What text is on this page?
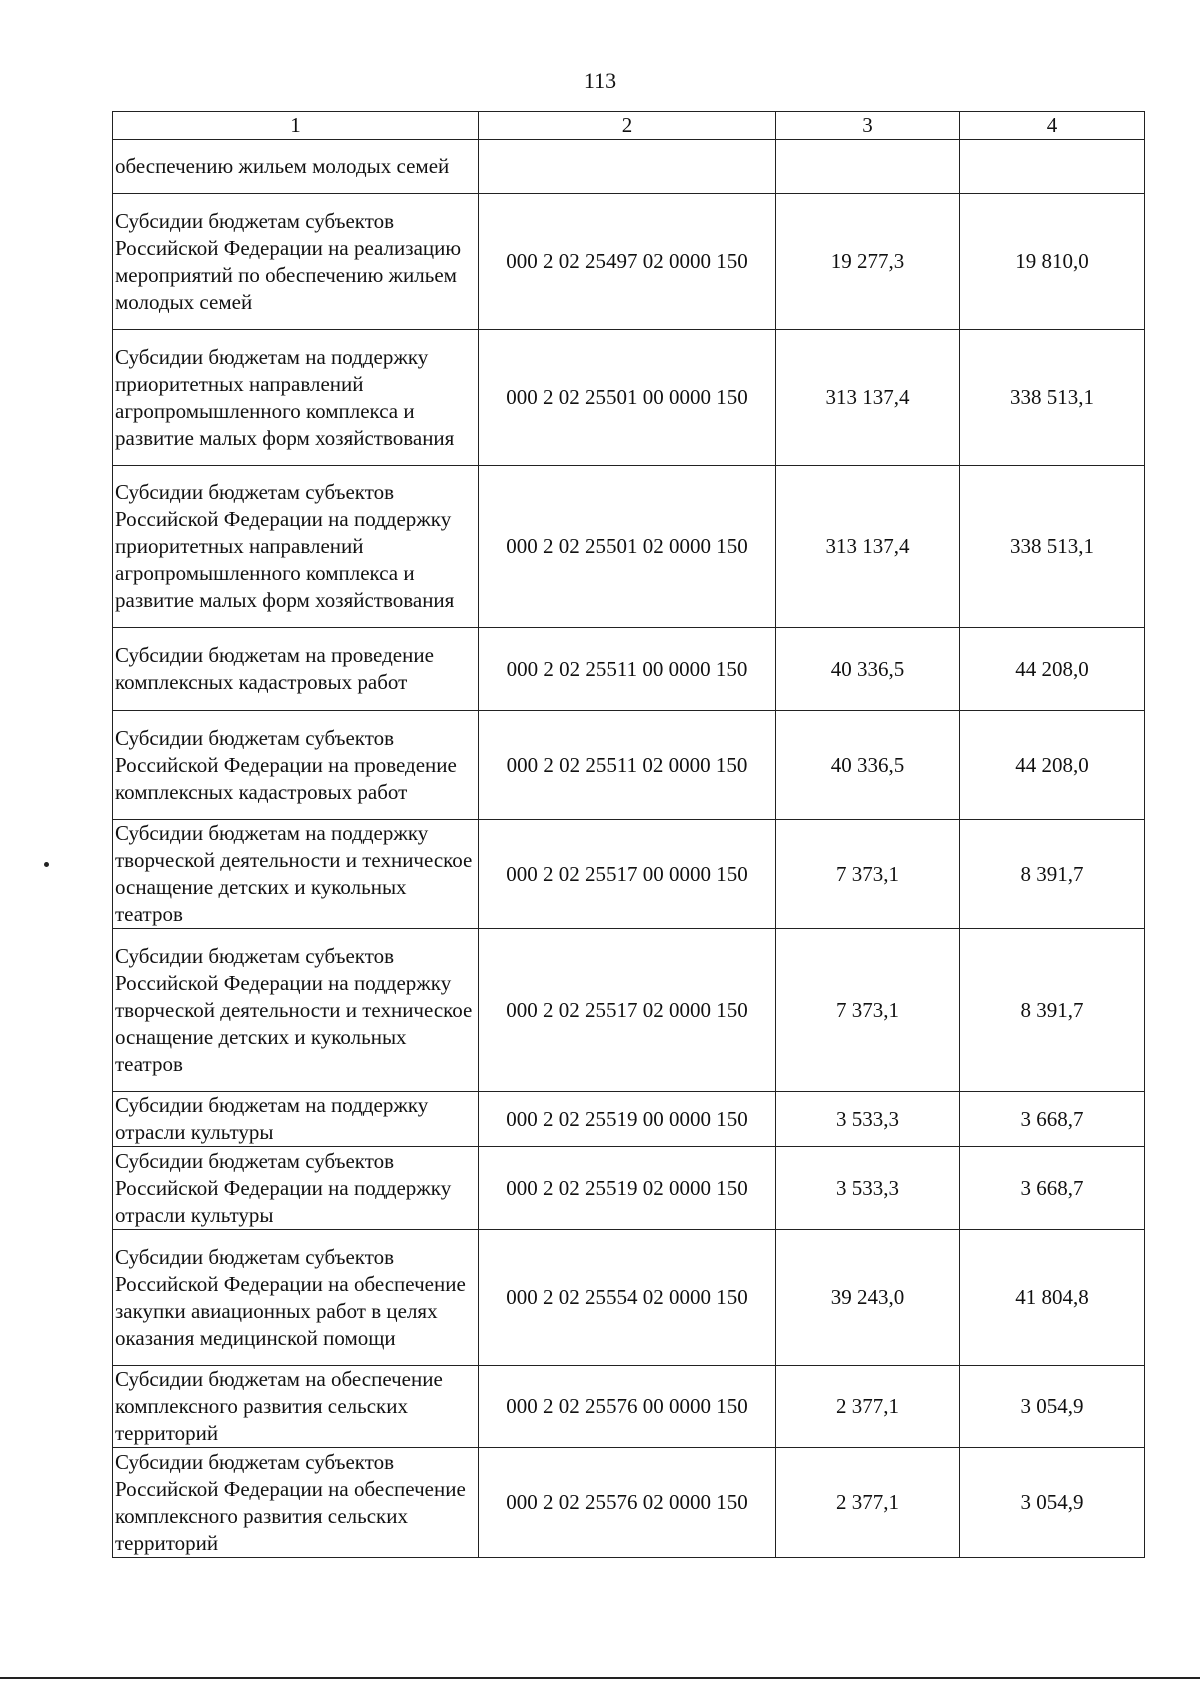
113
1	2	3	4
обеспечению жильем молодых семей			
Субсидии бюджетам субъектов Российской Федерации на реализацию мероприятий по обеспечению жильем молодых семей	000 2 02 25497 02 0000 150	19 277,3	19 810,0
Субсидии бюджетам на поддержку приоритетных направлений агропромышленного комплекса и развитие малых форм хозяйствования	000 2 02 25501 00 0000 150	313 137,4	338 513,1
Субсидии бюджетам субъектов Российской Федерации на поддержку приоритетных направлений агропромышленного комплекса и развитие малых форм хозяйствования	000 2 02 25501 02 0000 150	313 137,4	338 513,1
Субсидии бюджетам на проведение комплексных кадастровых работ	000 2 02 25511 00 0000 150	40 336,5	44 208,0
Субсидии бюджетам субъектов Российской Федерации на проведение комплексных кадастровых работ	000 2 02 25511 02 0000 150	40 336,5	44 208,0
Субсидии бюджетам на поддержку творческой деятельности и техническое оснащение детских и кукольных театров	000 2 02 25517 00 0000 150	7 373,1	8 391,7
Субсидии бюджетам субъектов Российской Федерации на поддержку творческой деятельности и техническое оснащение детских и кукольных театров	000 2 02 25517 02 0000 150	7 373,1	8 391,7
Субсидии бюджетам на поддержку отрасли культуры	000 2 02 25519 00 0000 150	3 533,3	3 668,7
Субсидии бюджетам субъектов Российской Федерации на поддержку отрасли культуры	000 2 02 25519 02 0000 150	3 533,3	3 668,7
Субсидии бюджетам субъектов Российской Федерации на обеспечение закупки авиационных работ в целях оказания медицинской помощи	000 2 02 25554 02 0000 150	39 243,0	41 804,8
Субсидии бюджетам на обеспечение комплексного развития сельских территорий	000 2 02 25576 00 0000 150	2 377,1	3 054,9
Субсидии бюджетам субъектов Российской Федерации на обеспечение комплексного развития сельских территорий	000 2 02 25576 02 0000 150	2 377,1	3 054,9
